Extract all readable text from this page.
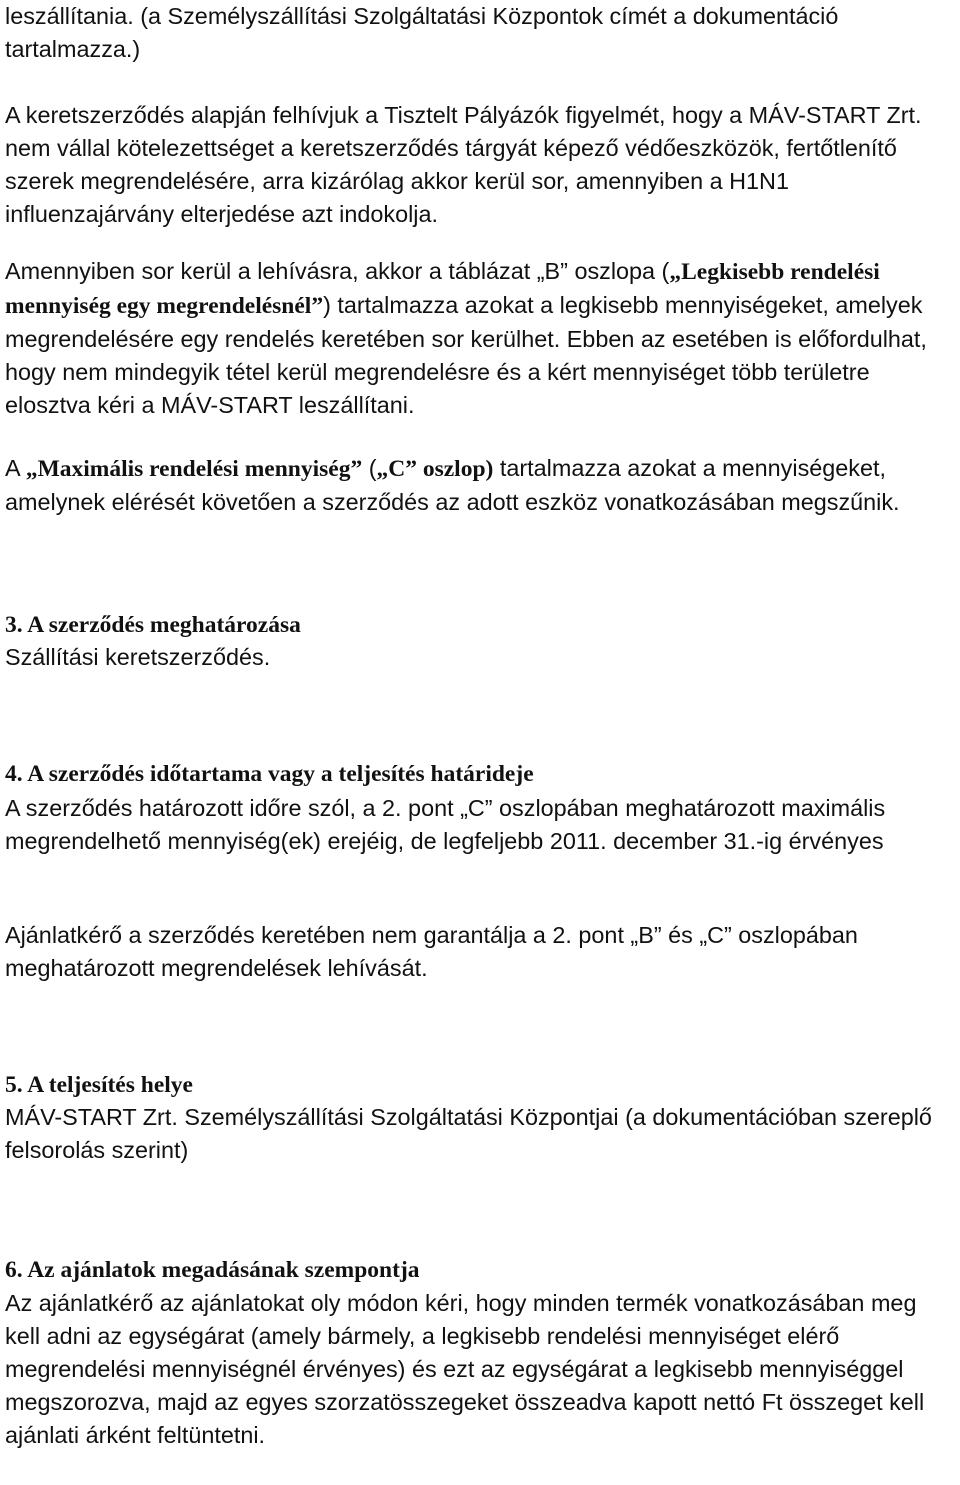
leszállítania. (a Személyszállítási Szolgáltatási Központok címét a dokumentáció tartalmazza.)

A keretszerződés alapján felhívjuk a Tisztelt Pályázók figyelmét, hogy a MÁV-START Zrt. nem vállal kötelezettséget a keretszerződés tárgyát képező védőeszközök, fertőtlenítő szerek megrendelésére, arra kizárólag akkor kerül sor, amennyiben a H1N1 influenzajárvány elterjedése azt indokolja.

Amennyiben sor kerül a lehívásra, akkor a táblázat „B” oszlopa („Legkisebb rendelési mennyiség egy megrendelésnél”) tartalmazza azokat a legkisebb mennyiségeket, amelyek megrendelésére egy rendelés keretében sor kerülhet. Ebben az esetében is előfordulhat, hogy nem mindegyik tétel kerül megrendelésre és a kért mennyiséget több területre elosztva kéri a MÁV-START leszállítani.

A „Maximális rendelési mennyiség” („C” oszlop) tartalmazza azokat a mennyiségeket, amelynek elérését követően a szerződés az adott eszköz vonatkozásában megszűnik.

3. A szerződés meghatározása

Szállítási keretszerződés.

4. A szerződés időtartama vagy a teljesítés határideje

A szerződés határozott időre szól, a 2. pont „C” oszlopában meghatározott maximális megrendelhető mennyiség(ek) erejéig, de legfeljebb 2011. december 31.-ig érvényes

Ajánlatkérő a szerződés keretében nem garantálja a 2. pont „B” és „C” oszlopában meghatározott megrendelések lehívását.

5. A teljesítés helye

MÁV-START Zrt. Személyszállítási Szolgáltatási Központjai (a dokumentációban szereplő felsorolás szerint)

6. Az ajánlatok megadásának szempontja

Az ajánlatkérő az ajánlatokat oly módon kéri, hogy minden termék vonatkozásában meg kell adni az egységárat (amely bármely, a legkisebb rendelési mennyiséget elérő megrendelési mennyiségnél érvényes) és ezt az egységárat a legkisebb mennyiséggel megszorozva, majd az egyes szorzatösszegeket összeadva kapott nettó Ft összeget kell ajánlati árként feltüntetni.
